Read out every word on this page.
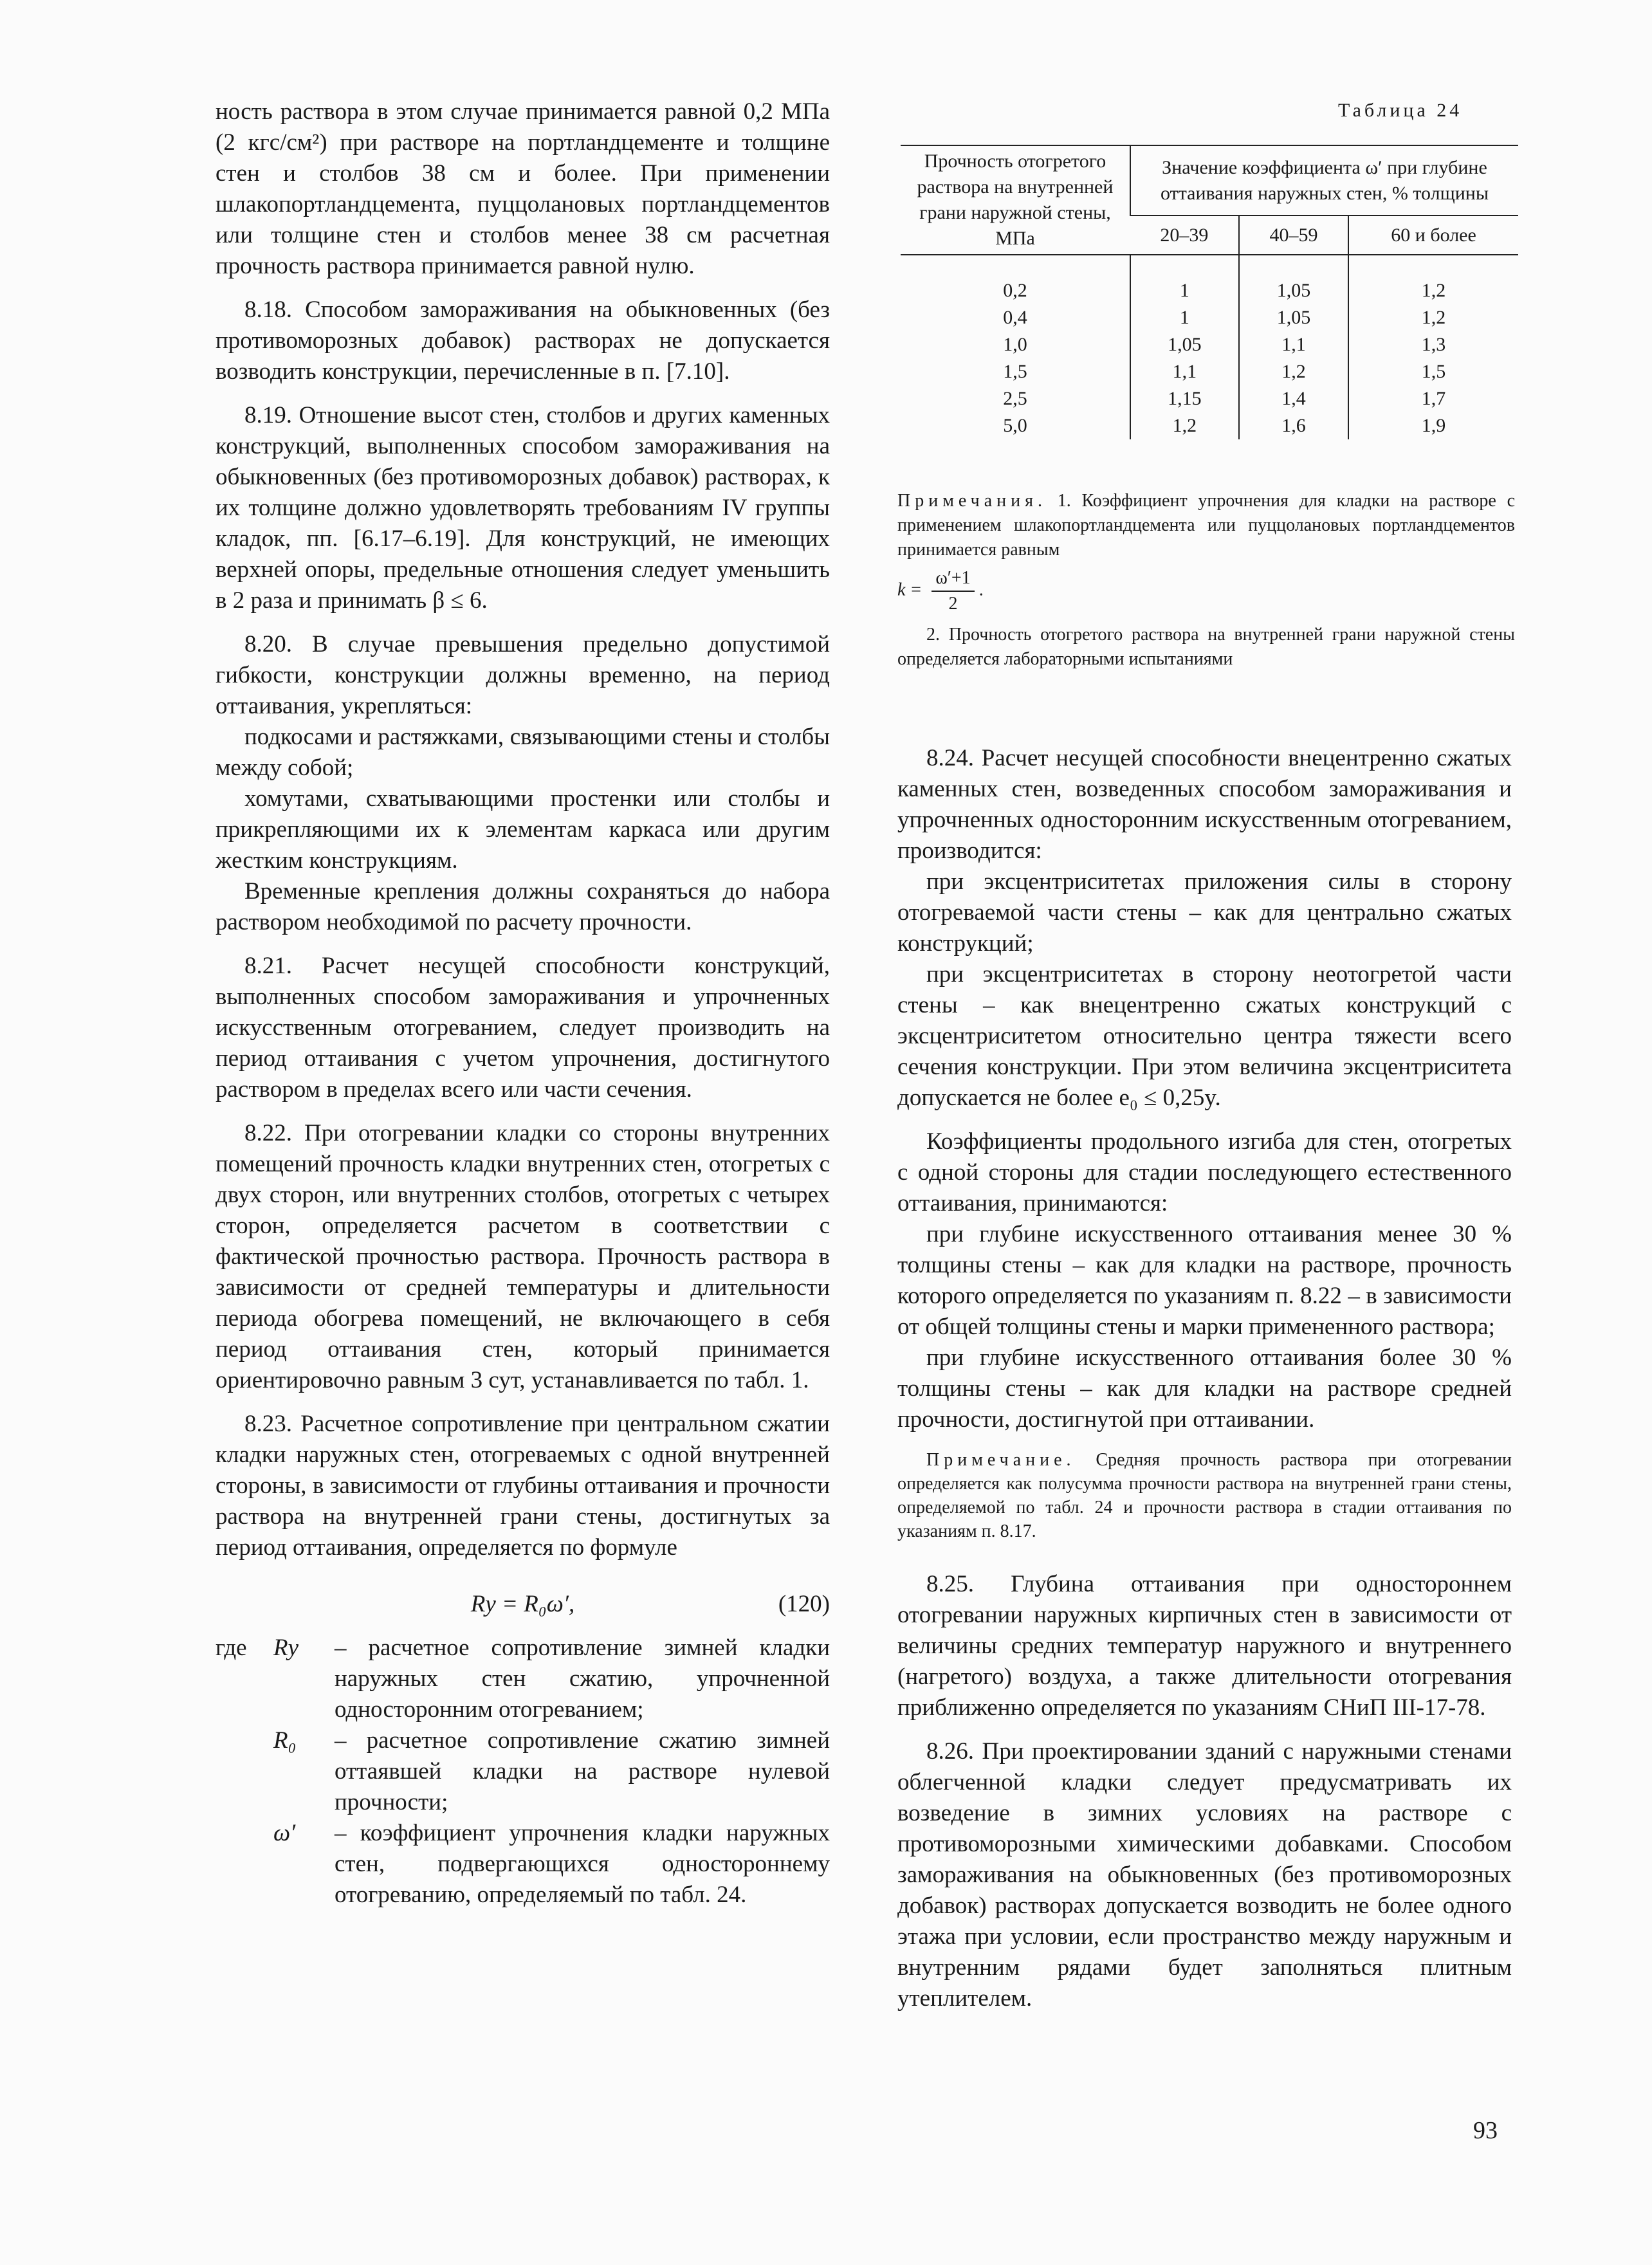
ность раствора в этом случае принимается равной 0,2 МПа (2 кгс/см²) при растворе на портландцементе и толщине стен и столбов 38 см и более. При применении шлакопортландцемента, пуццолановых портландцементов или толщине стен и столбов менее 38 см расчетная прочность раствора принимается равной нулю.

8.18. Способом замораживания на обыкновенных (без противоморозных добавок) растворах не допускается возводить конструкции, перечисленные в п. [7.10].

8.19. Отношение высот стен, столбов и других каменных конструкций, выполненных способом замораживания на обыкновенных (без противоморозных добавок) растворах, к их толщине должно удовлетворять требованиям IV группы кладок, пп. [6.17–6.19]. Для конструкций, не имеющих верхней опоры, предельные отношения следует уменьшить в 2 раза и принимать β ≤ 6.

8.20. В случае превышения предельно допустимой гибкости, конструкции должны временно, на период оттаивания, укрепляться:

подкосами и растяжками, связывающими стены и столбы между собой;

хомутами, схватывающими простенки или столбы и прикрепляющими их к элементам каркаса или другим жестким конструкциям.

Временные крепления должны сохраняться до набора раствором необходимой по расчету прочности.

8.21. Расчет несущей способности конструкций, выполненных способом замораживания и упрочненных искусственным отогреванием, следует производить на период оттаивания с учетом упрочнения, достигнутого раствором в пределах всего или части сечения.

8.22. При отогревании кладки со стороны внутренних помещений прочность кладки внутренних стен, отогретых с двух сторон, или внутренних столбов, отогретых с четырех сторон, определяется расчетом в соответствии с фактической прочностью раствора. Прочность раствора в зависимости от средней температуры и длительности периода обогрева помещений, не включающего в себя период оттаивания стен, который принимается ориентировочно равным 3 сут, устанавливается по табл. 1.

8.23. Расчетное сопротивление при центральном сжатии кладки наружных стен, отогреваемых с одной внутренней стороны, в зависимости от глубины оттаивания и прочности раствора на внутренней грани стены, достигнутых за период оттаивания, определяется по формуле

Rу = R₀ω′,	(120)
где	Rу	– расчетное сопротивление зимней кладки наружных стен сжатию, упрочненной односторонним отогреванием;
R₀	– расчетное сопротивление сжатию зимней оттаявшей кладки на растворе нулевой прочности;
ω′	– коэффициент упрочнения кладки наружных стен, подвергающихся одностороннему отогреванию, определяемый по табл. 24.
Таблица 24
Прочность отогретого раствора на внутренней грани наружной стены, МПа	Значение коэффициента ω′ при глубине оттаивания наружных стен, % толщины		
	20–39	40–59	60 и более
0,2	1	1,05	1,2
0,4	1	1,05	1,2
1,0	1,05	1,1	1,3
1,5	1,1	1,2	1,5
2,5	1,15	1,4	1,7
5,0	1,2	1,6	1,9

Примечания. 1. Коэффициент упрочнения для кладки на растворе с применением шлакопортландцемента или пуццолановых портландцементов принимается равным

$k = \frac{\omega'+1}{2}$ .

2. Прочность отогретого раствора на внутренней грани наружной стены определяется лабораторными испытаниями

8.24. Расчет несущей способности внецентренно сжатых каменных стен, возведенных способом замораживания и упрочненных односторонним искусственным отогреванием, производится:

при эксцентриситетах приложения силы в сторону отогреваемой части стены – как для центрально сжатых конструкций;

при эксцентриситетах в сторону неотогретой части стены – как внецентренно сжатых конструкций с эксцентриситетом относительно центра тяжести всего сечения конструкции. При этом величина эксцентриситета допускается не более e₀ ≤ 0,25y.

Коэффициенты продольного изгиба для стен, отогретых с одной стороны для стадии последующего естественного оттаивания, принимаются:

при глубине искусственного оттаивания менее 30 % толщины стены – как для кладки на растворе, прочность которого определяется по указаниям п. 8.22 – в зависимости от общей толщины стены и марки примененного раствора;

при глубине искусственного оттаивания более 30 % толщины стены – как для кладки на растворе средней прочности, достигнутой при оттаивании.

Примечание. Средняя прочность раствора при отогревании определяется как полусумма прочности раствора на внутренней грани стены, определяемой по табл. 24 и прочности раствора в стадии оттаивания по указаниям п. 8.17.

8.25. Глубина оттаивания при одностороннем отогревании наружных кирпичных стен в зависимости от величины средних температур наружного и внутреннего (нагретого) воздуха, а также длительности отогревания приближенно определяется по указаниям СНиП III-17-78.

8.26. При проектировании зданий с наружными стенами облегченной кладки следует предусматривать их возведение в зимних условиях на растворе с противоморозными химическими добавками. Способом замораживания на обыкновенных (без противоморозных добавок) растворах допускается возводить не более одного этажа при условии, если пространство между наружным и внутренним рядами будет заполняться плитным утеплителем.

93
